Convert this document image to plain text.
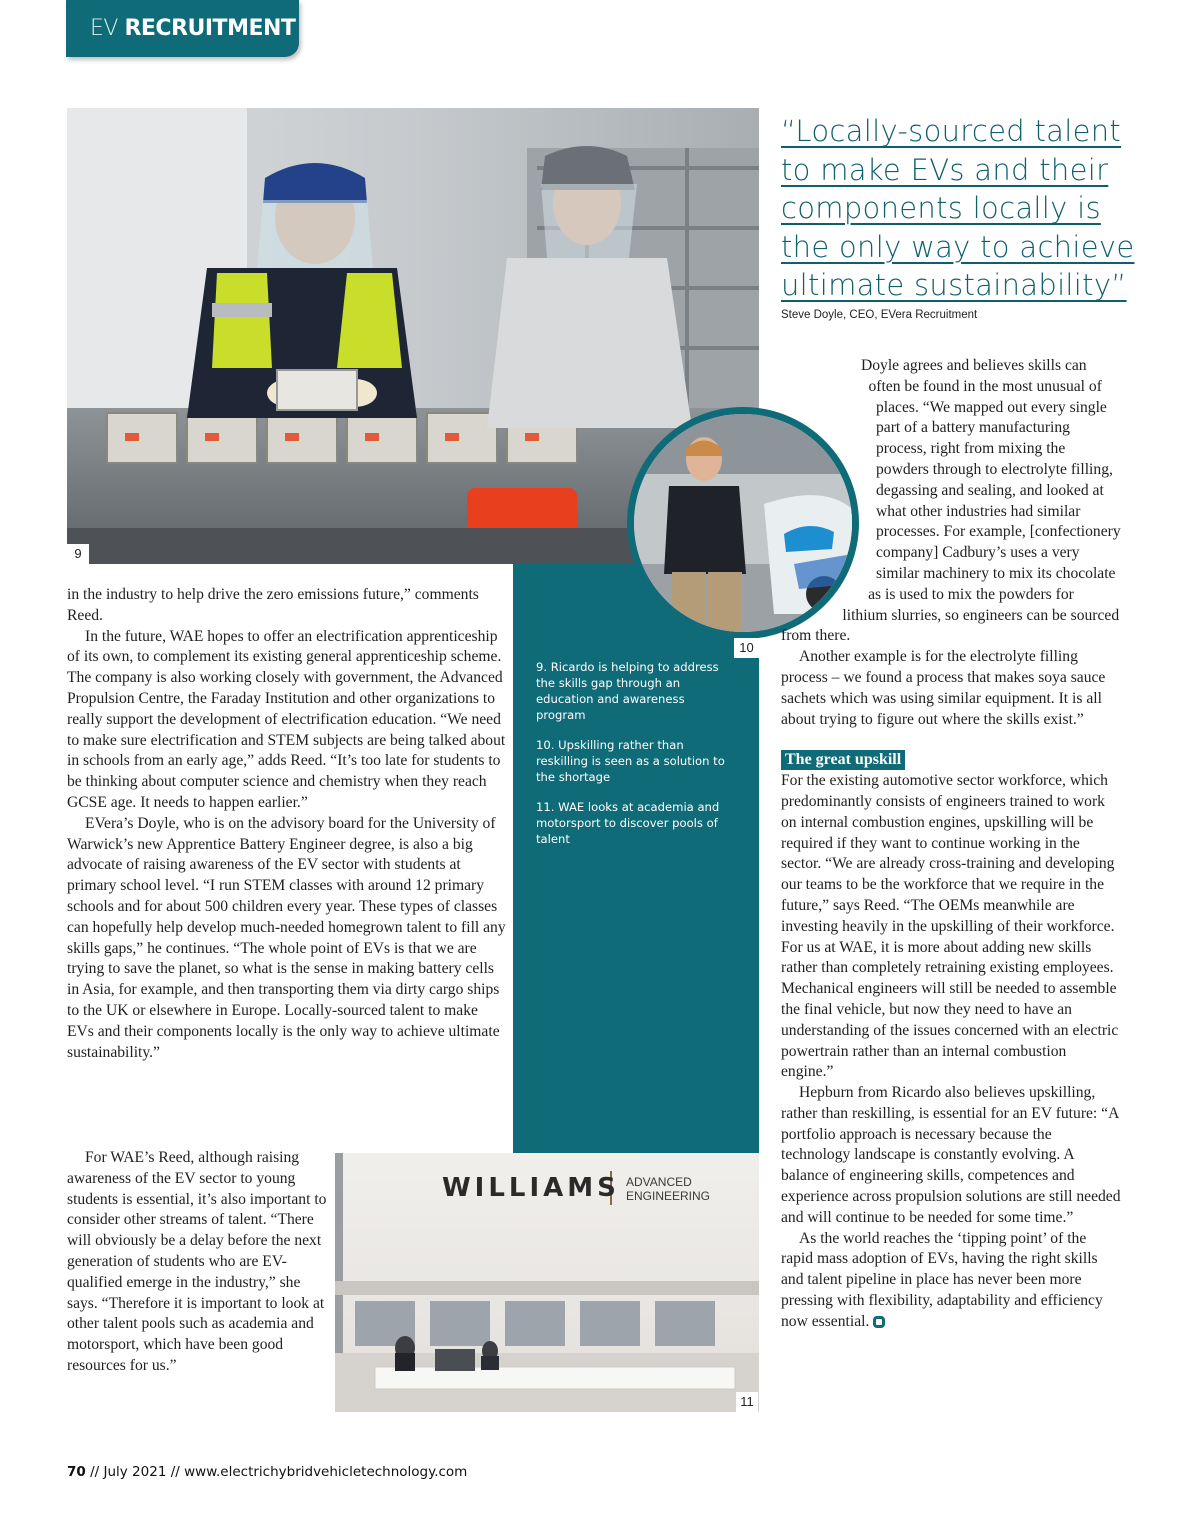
EV RECRUITMENT
9
“Locally-sourced talent
to make EVs and their
components locally is
the only way to achieve
ultimate sustainability”
Steve Doyle, CEO, EVera Recruitment

9. Ricardo is helping to address the skills gap through an education and awareness program

10. Upskilling rather than reskilling is seen as a solution to the shortage

11. WAE looks at academia and motorsport to discover pools of talent

10
WILLIAMS ADVANCED
ENGINEERING
11

in the industry to help drive the zero emissions future,” comments Reed.

In the future, WAE hopes to offer an electrification apprenticeship of its own, to complement its existing general apprenticeship scheme. The company is also working closely with government, the Advanced Propulsion Centre, the Faraday Institution and other organizations to really support the development of electrification education. “We need to make sure electrification and STEM subjects are being talked about in schools from an early age,” adds Reed. “It’s too late for students to be thinking about computer science and chemistry when they reach GCSE age. It needs to happen earlier.”

EVera’s Doyle, who is on the advisory board for the University of Warwick’s new Apprentice Battery Engineer degree, is also a big advocate of raising awareness of the EV sector with students at primary school level. “I run STEM classes with around 12 primary schools and for about 500 children every year. These types of classes can hopefully help develop much-needed homegrown talent to fill any skills gaps,” he continues. “The whole point of EVs is that we are trying to save the planet, so what is the sense in making battery cells in Asia, for example, and then transporting them via dirty cargo ships to the UK or elsewhere in Europe. Locally-sourced talent to make EVs and their components locally is the only way to achieve ultimate sustainability.”

For WAE’s Reed, although raising awareness of the EV sector to young students is essential, it’s also important to consider other streams of talent. “There will obviously be a delay before the next generation of students who are EV-qualified emerge in the industry,” she says. “Therefore it is important to look at other talent pools such as academia and motorsport, which have been good resources for us.”

Doyle agrees and believes skills can often be found in the most unusual of places. “We mapped out every single part of a battery manufacturing process, right from mixing the powders through to electrolyte filling, degassing and sealing, and looked at what other industries had similar processes. For example, [confectionery company] Cadbury’s uses a very similar machinery to mix its chocolate as is used to mix the powders for lithium slurries, so engineers can be sourced from there.

Another example is for the electrolyte filling process – we found a process that makes soya sauce sachets which was using similar equipment. It is all about trying to figure out where the skills exist.”

The great upskill

For the existing automotive sector workforce, which predominantly consists of engineers trained to work on internal combustion engines, upskilling will be required if they want to continue working in the sector. “We are already cross-training and developing our teams to be the workforce that we require in the future,” says Reed. “The OEMs meanwhile are investing heavily in the upskilling of their workforce. For us at WAE, it is more about adding new skills rather than completely retraining existing employees. Mechanical engineers will still be needed to assemble the final vehicle, but now they need to have an understanding of the issues concerned with an electric powertrain rather than an internal combustion engine.”

Hepburn from Ricardo also believes upskilling, rather than reskilling, is essential for an EV future: “A portfolio approach is necessary because the technology landscape is constantly evolving. A balance of engineering skills, competences and experience across propulsion solutions are still needed and will continue to be needed for some time.”

As the world reaches the ‘tipping point’ of the rapid mass adoption of EVs, having the right skills and talent pipeline in place has never been more pressing with flexibility, adaptability and efficiency now essential.

70 // July 2021 // www.electrichybridvehicletechnology.com
